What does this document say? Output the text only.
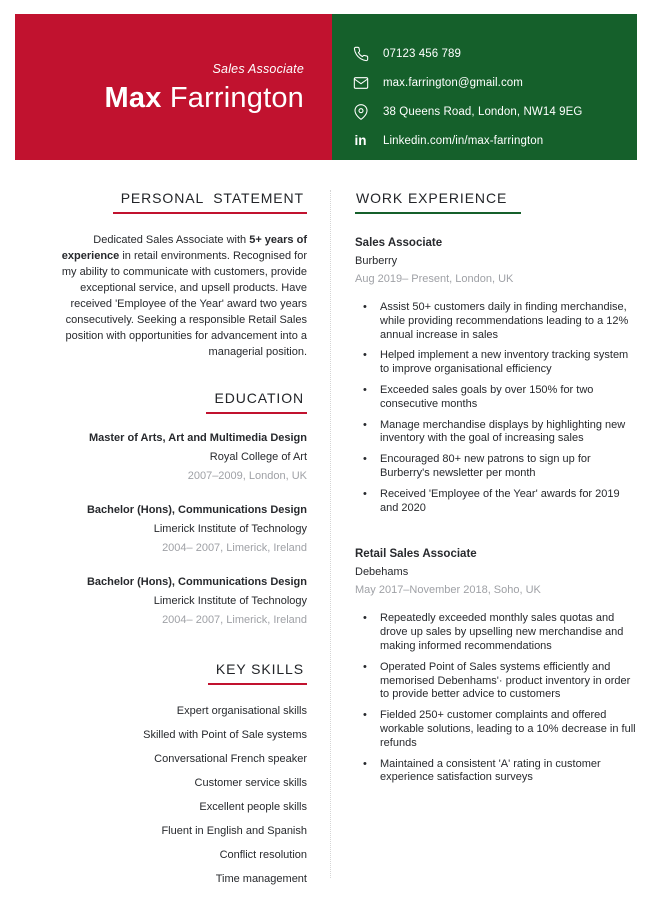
Sales Associate
Max Farrington
07123 456 789
max.farrington@gmail.com
38 Queens Road, London, NW14 9EG
in Linkedin.com/in/max-farrington
PERSONAL  STATEMENT

Dedicated Sales Associate with 5+ years of experience in retail environments. Recognised for my ability to communicate with customers, provide exceptional service, and upsell products. Have received 'Employee of the Year' award two years consecutively. Seeking a responsible Retail Sales position with opportunities for advancement into a managerial position.

EDUCATION
Master of Arts, Art and Multimedia Design
Royal College of Art
2007–2009, London, UK
Bachelor (Hons), Communications Design
Limerick Institute of Technology
2004– 2007, Limerick, Ireland
Bachelor (Hons), Communications Design
Limerick Institute of Technology
2004– 2007, Limerick, Ireland
KEY SKILLS
Expert organisational skills
Skilled with Point of Sale systems
Conversational French speaker
Customer service skills
Excellent people skills
Fluent in English and Spanish
Conflict resolution
Time management
WORK EXPERIENCE
Sales Associate
Burberry
Aug 2019– Present, London, UK
• Assist 50+ customers daily in finding merchandise, while providing recommendations leading to a 12% annual increase in sales
• Helped implement a new inventory tracking system to improve organisational efficiency
• Exceeded sales goals by over 150% for two consecutive months
• Manage merchandise displays by highlighting new inventory with the goal of increasing sales
• Encouraged 80+ new patrons to sign up for Burberry's newsletter per month
• Received 'Employee of the Year' awards for 2019 and 2020
Retail Sales Associate
Debehams
May 2017–November 2018, Soho, UK
• Repeatedly exceeded monthly sales quotas and drove up sales by upselling new merchandise and making informed recommendations
• Operated Point of Sales systems efficiently and memorised Debenhams'· product inventory in order to provide better advice to customers
• Fielded 250+ customer complaints and offered workable solutions, leading to a 10% decrease in full refunds
• Maintained a consistent 'A' rating in customer experience satisfaction surveys
